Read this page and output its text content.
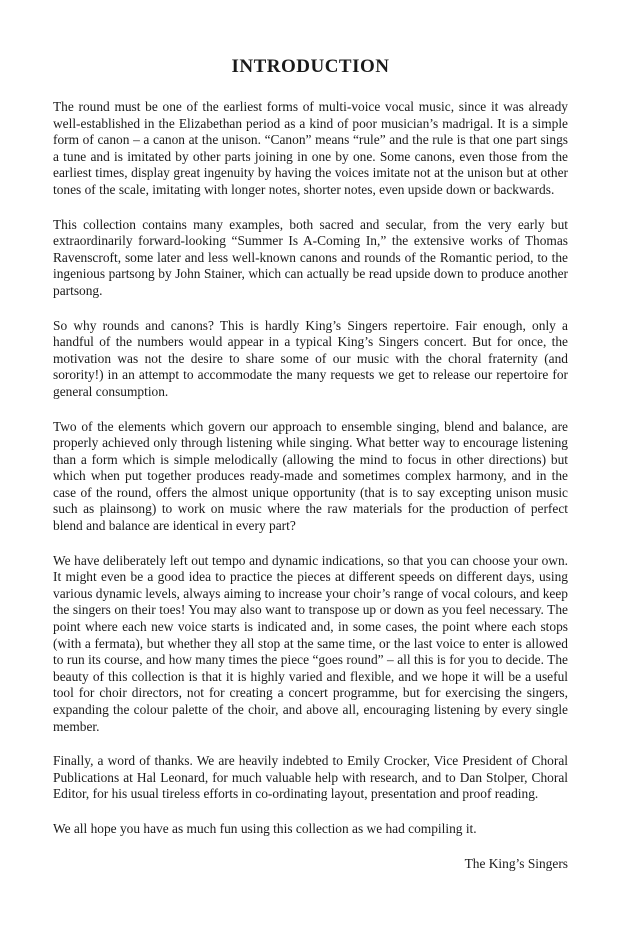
INTRODUCTION

The round must be one of the earliest forms of multi-voice vocal music, since it was already well-established in the Elizabethan period as a kind of poor musician’s madrigal. It is a simple form of canon – a canon at the unison. “Canon” means “rule” and the rule is that one part sings a tune and is imitated by other parts joining in one by one. Some canons, even those from the earliest times, display great ingenuity by having the voices imitate not at the unison but at other tones of the scale, imitating with longer notes, shorter notes, even upside down or backwards.

This collection contains many examples, both sacred and secular, from the very early but extraordinarily forward-looking “Summer Is A-Coming In,” the extensive works of Thomas Ravenscroft, some later and less well-known canons and rounds of the Romantic period, to the ingenious partsong by John Stainer, which can actually be read upside down to produce another partsong.

So why rounds and canons? This is hardly King’s Singers repertoire. Fair enough, only a handful of the numbers would appear in a typical King’s Singers concert. But for once, the motivation was not the desire to share some of our music with the choral fraternity (and sorority!) in an attempt to accommodate the many requests we get to release our repertoire for general consumption.

Two of the elements which govern our approach to ensemble singing, blend and balance, are properly achieved only through listening while singing. What better way to encourage listening than a form which is simple melodically (allowing the mind to focus in other directions) but which when put together produces ready-made and sometimes complex harmony, and in the case of the round, offers the almost unique opportunity (that is to say excepting unison music such as plainsong) to work on music where the raw materials for the production of perfect blend and balance are identical in every part?

We have deliberately left out tempo and dynamic indications, so that you can choose your own. It might even be a good idea to practice the pieces at different speeds on different days, using various dynamic levels, always aiming to increase your choir’s range of vocal colours, and keep the singers on their toes! You may also want to transpose up or down as you feel necessary. The point where each new voice starts is indicated and, in some cases, the point where each stops (with a fermata), but whether they all stop at the same time, or the last voice to enter is allowed to run its course, and how many times the piece “goes round” – all this is for you to decide. The beauty of this collection is that it is highly varied and flexible, and we hope it will be a useful tool for choir directors, not for creating a concert programme, but for exercising the singers, expanding the colour palette of the choir, and above all, encouraging listening by every single member.

Finally, a word of thanks. We are heavily indebted to Emily Crocker, Vice President of Choral Publications at Hal Leonard, for much valuable help with research, and to Dan Stolper, Choral Editor, for his usual tireless efforts in co-ordinating layout, presentation and proof reading.

We all hope you have as much fun using this collection as we had compiling it.

The King’s Singers
